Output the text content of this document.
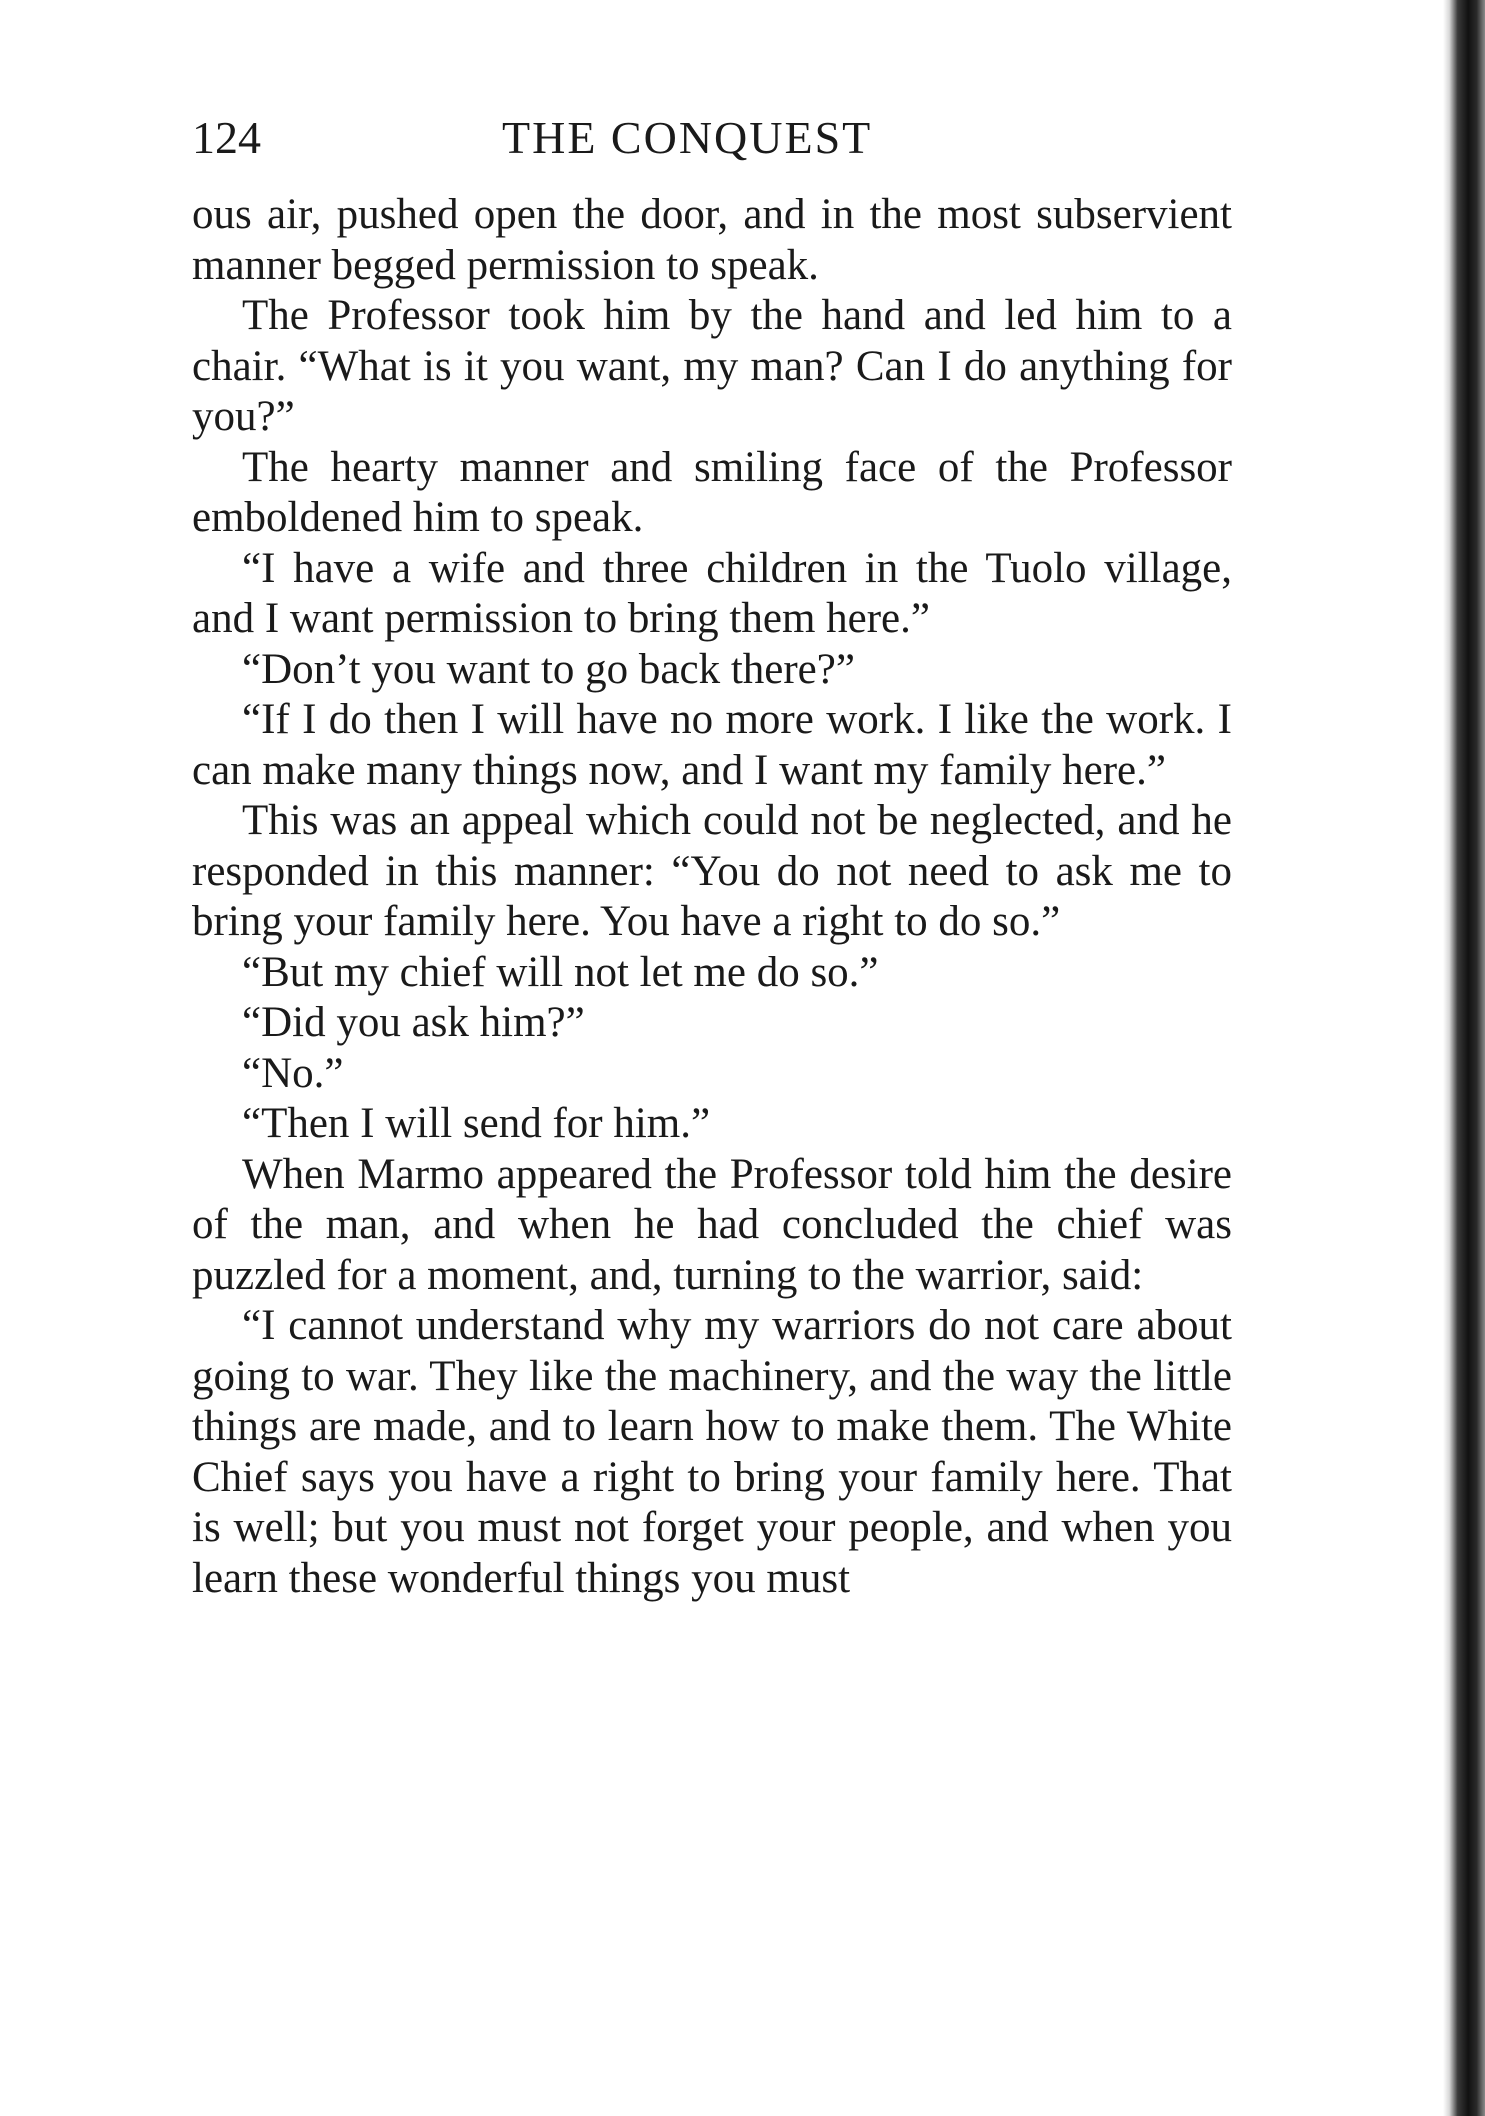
124	THE CONQUEST

ous air, pushed open the door, and in the most subservient manner begged permission to speak.

The Professor took him by the hand and led him to a chair. “What is it you want, my man? Can I do anything for you?”

The hearty manner and smiling face of the Professor emboldened him to speak.

“I have a wife and three children in the Tuolo village, and I want permission to bring them here.”

“Don’t you want to go back there?”

“If I do then I will have no more work. I like the work. I can make many things now, and I want my family here.”

This was an appeal which could not be neglected, and he responded in this manner: “You do not need to ask me to bring your family here. You have a right to do so.”

“But my chief will not let me do so.”

“Did you ask him?”

“No.”

“Then I will send for him.”

When Marmo appeared the Professor told him the desire of the man, and when he had concluded the chief was puzzled for a moment, and, turning to the warrior, said:

“I cannot understand why my warriors do not care about going to war. They like the machinery, and the way the little things are made, and to learn how to make them. The White Chief says you have a right to bring your family here. That is well; but you must not forget your people, and when you learn these wonderful things you must
